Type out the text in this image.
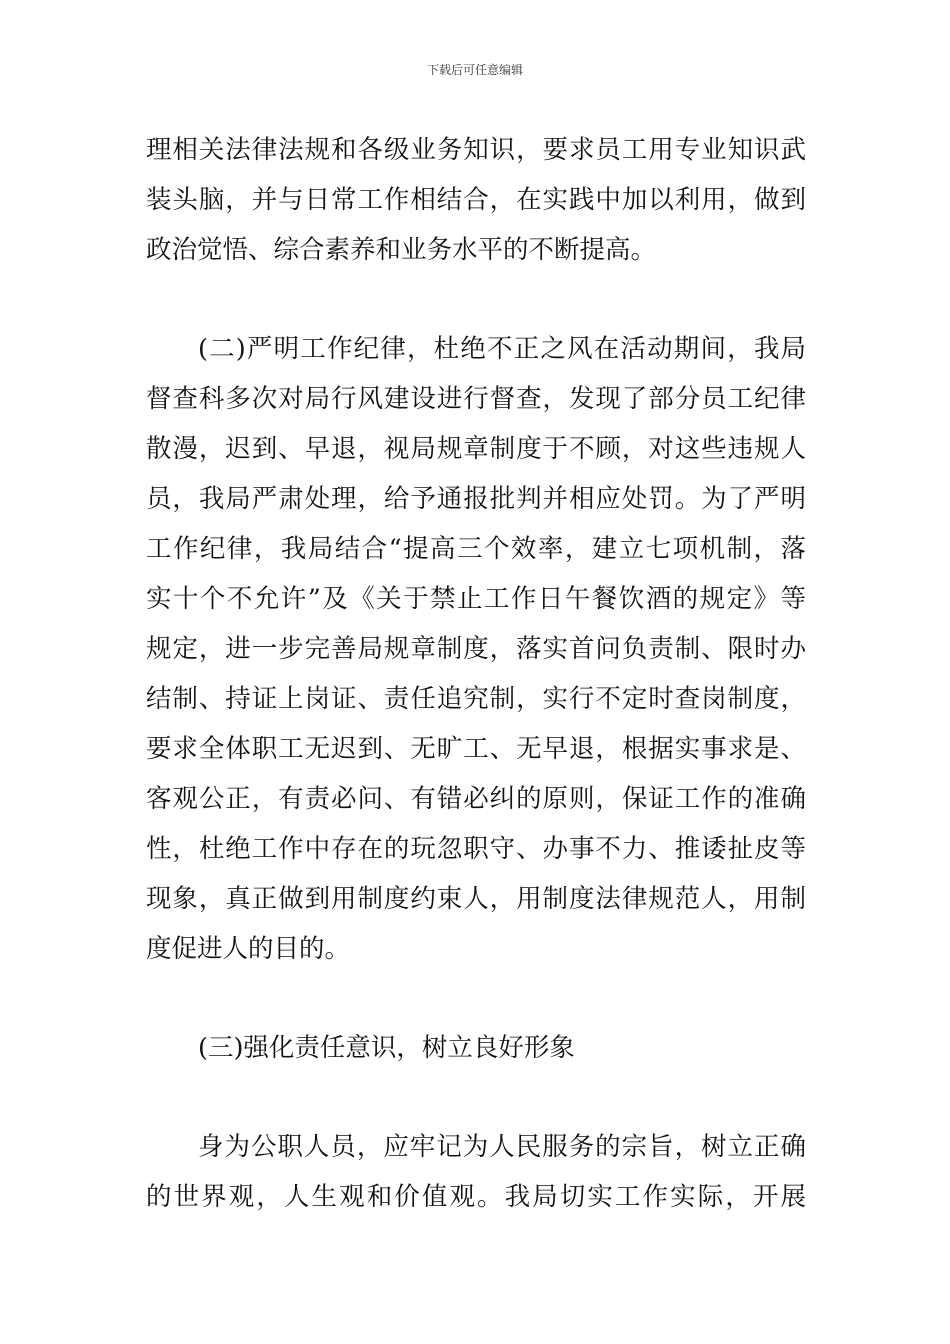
下载后可任意编辑
理相关法律法规和各级业务知识，要求员工用专业知识武
装头脑，并与日常工作相结合，在实践中加以利用，做到
政治觉悟、综合素养和业务水平的不断提高。
(二)严明工作纪律，杜绝不正之风在活动期间，我局
督查科多次对局行风建设进行督查，发现了部分员工纪律
散漫，迟到、早退，视局规章制度于不顾，对这些违规人
员，我局严肃处理，给予通报批判并相应处罚。为了严明
工作纪律，我局结合“提高三个效率，建立七项机制，落
实十个不允许”及《关于禁止工作日午餐饮酒的规定》等
规定，进一步完善局规章制度，落实首问负责制、限时办
结制、持证上岗证、责任追究制，实行不定时查岗制度，
要求全体职工无迟到、无旷工、无早退，根据实事求是、
客观公正，有责必问、有错必纠的原则，保证工作的准确
性，杜绝工作中存在的玩忽职守、办事不力、推诿扯皮等
现象，真正做到用制度约束人，用制度法律规范人，用制
度促进人的目的。
(三)强化责任意识，树立良好形象
身为公职人员，应牢记为人民服务的宗旨，树立正确
的世界观，人生观和价值观。我局切实工作实际，开展
